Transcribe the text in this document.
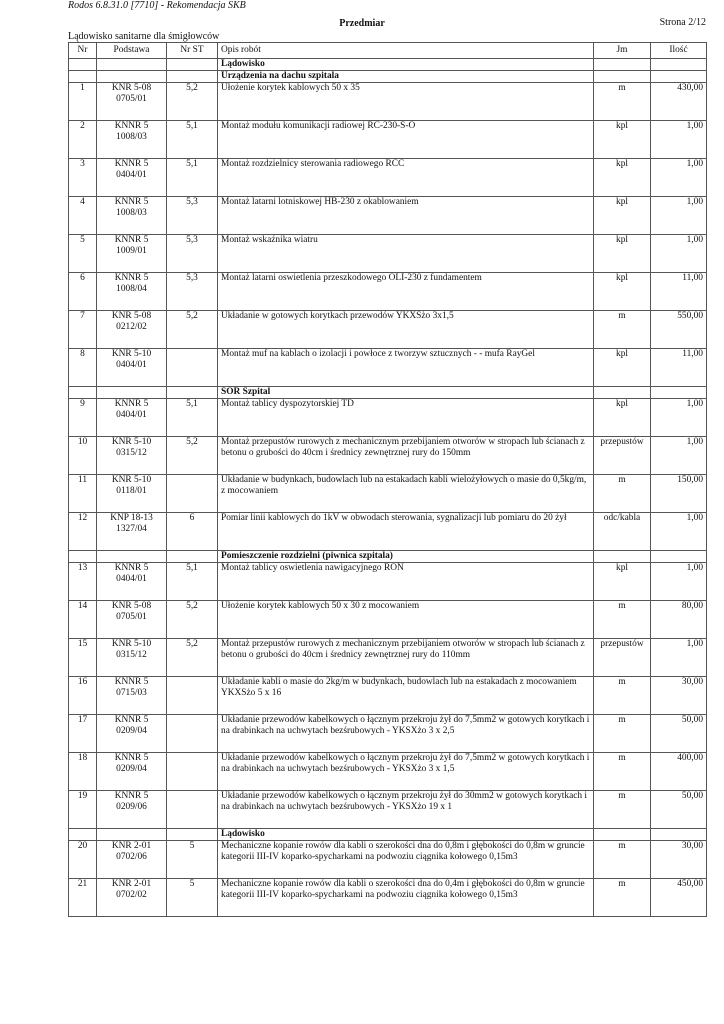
Rodos 6.8.31.0 [7710] - Rekomendacja SKB
Przedmiar	Strona 2/12
Lądowisko sanitarne dla śmigłowców
Nr	Podstawa	Nr ST	Opis robót	Jm	Ilość
			Lądowisko		
			Urządzenia na dachu szpitala		
1	KNR 5-08 0705/01	5,2	Ułożenie korytek kablowych 50 x 35	m	430,00
2	KNNR 5 1008/03	5,1	Montaż modułu komunikacji radiowej RC-230-S-O	kpl	1,00
3	KNNR 5 0404/01	5,1	Montaż rozdzielnicy sterowania radiowego RCC	kpl	1,00
4	KNNR 5 1008/03	5,3	Montaż latarni lotniskowej HB-230 z okablowaniem	kpl	1,00
5	KNNR 5 1009/01	5,3	Montaż wskaźnika wiatru	kpl	1,00
6	KNNR 5 1008/04	5,3	Montaż latarni oswietlenia przeszkodowego OLI-230 z fundamentem	kpl	11,00
7	KNR 5-08 0212/02	5,2	Układanie w gotowych korytkach przewodów YKXSżo 3x1,5	m	550,00
8	KNR 5-10 0404/01		Montaż muf na kablach o izolacji i powłoce z tworzyw sztucznych - - mufa RayGel	kpl	11,00
			SOR Szpital		
9	KNNR 5 0404/01	5,1	Montaż tablicy dyspozytorskiej TD	kpl	1,00
10	KNR 5-10 0315/12	5,2	Montaż przepustów rurowych z mechanicznym przebijaniem otworów w stropach lub ścianach z betonu o grubości do 40cm i średnicy zewnętrznej rury do 150mm	przepustów	1,00
11	KNR 5-10 0118/01		Układanie w budynkach, budowlach lub na estakadach kabli wielożyłowych o masie do 0,5kg/m, z mocowaniem	m	150,00
12	KNP 18-13 1327/04	6	Pomiar linii kablowych do 1kV w obwodach sterowania, sygnalizacji lub pomiaru do 20 żył	odc/kabla	1,00
			Pomieszczenie rozdzielni (piwnica szpitala)		
13	KNNR 5 0404/01	5,1	Montaż tablicy oswietlenia nawigacyjnego RON	kpl	1,00
14	KNR 5-08 0705/01	5,2	Ułożenie korytek kablowych 50 x 30 z mocowaniem	m	80,00
15	KNR 5-10 0315/12	5,2	Montaż przepustów rurowych z mechanicznym przebijaniem otworów w stropach lub ścianach z betonu o grubości do 40cm i średnicy zewnętrznej rury do 110mm	przepustów	1,00
16	KNNR 5 0715/03		Układanie kabli o masie do 2kg/m w budynkach, budowlach lub na estakadach z mocowaniem YKXSżo 5 x 16	m	30,00
17	KNNR 5 0209/04		Układanie przewodów kabelkowych o łącznym przekroju żył do 7,5mm2 w gotowych korytkach i na drabinkach na uchwytach bezśrubowych - YKSXżo 3 x 2,5	m	50,00
18	KNNR 5 0209/04		Układanie przewodów kabelkowych o łącznym przekroju żył do 7,5mm2 w gotowych korytkach i na drabinkach na uchwytach bezśrubowych - YKSXżo 3 x 1,5	m	400,00
19	KNNR 5 0209/06		Układanie przewodów kabelkowych o łącznym przekroju żył do 30mm2 w gotowych korytkach i na drabinkach na uchwytach bezśrubowych - YKSXżo 19 x 1	m	50,00
			Lądowisko		
20	KNR 2-01 0702/06	5	Mechaniczne kopanie rowów dla kabli o szerokości dna do 0,8m i głębokości do 0,8m w gruncie kategorii III-IV koparko-spycharkami na podwoziu ciągnika kołowego 0,15m3	m	30,00
21	KNR 2-01 0702/02	5	Mechaniczne kopanie rowów dla kabli o szerokości dna do 0,4m i głębokości do 0,8m w gruncie kategorii III-IV koparko-spycharkami na podwoziu ciągnika kołowego 0,15m3	m	450,00
